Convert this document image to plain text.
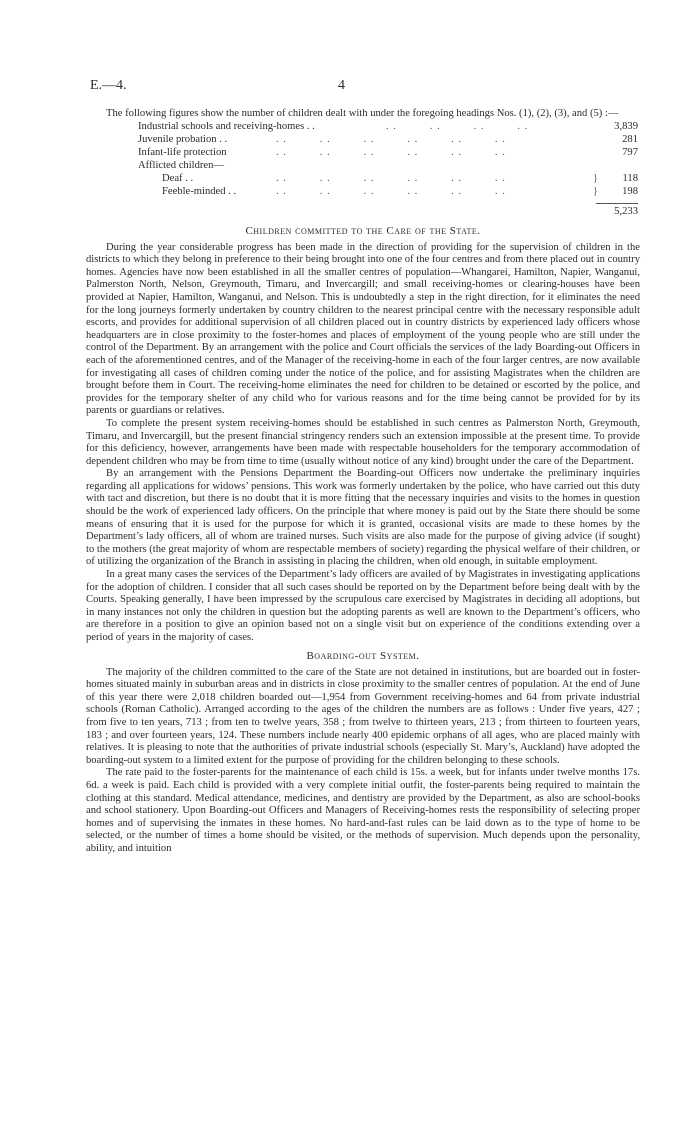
E.—4.	4

The following figures show the number of children dealt with under the foregoing headings Nos. (1), (2), (3), and (5) :—

Industrial schools and receiving-homes . .	. .         . .         . .         . .	3,839
Juvenile probation . .	. .         . .         . .         . .         . .         . .	281
Infant-life protection	. .         . .         . .         . .         . .         . .	797
Afflicted children—
Deaf . .	. .         . .         . .         . .         . .         . .	}	118
Feeble-minded . .	. .         . .         . .         . .         . .         . .	}	198
5,233
Children committed to the Care of the State.

During the year considerable progress has been made in the direction of providing for the supervision of children in the districts to which they belong in preference to their being brought into one of the four centres and from there placed out in country homes. Agencies have now been established in all the smaller centres of population—Whangarei, Hamilton, Napier, Wanganui, Palmerston North, Nelson, Greymouth, Timaru, and Invercargill; and small receiving-homes or clearing-houses have been provided at Napier, Hamilton, Wanganui, and Nelson. This is undoubtedly a step in the right direction, for it eliminates the need for the long journeys formerly undertaken by country children to the nearest principal centre with the necessary responsible adult escorts, and provides for additional supervision of all children placed out in country districts by experienced lady officers whose headquarters are in close proximity to the foster-homes and places of employment of the young people who are still under the control of the Department. By an arrangement with the police and Court officials the services of the lady Boarding-out Officers in each of the aforementioned centres, and of the Manager of the receiving-home in each of the four larger centres, are now available for investigating all cases of children coming under the notice of the police, and for assisting Magistrates when the children are brought before them in Court. The receiving-home eliminates the need for children to be detained or escorted by the police, and provides for the temporary shelter of any child who for various reasons and for the time being cannot be provided for by its parents or guardians or relatives.

To complete the present system receiving-homes should be established in such centres as Palmerston North, Greymouth, Timaru, and Invercargill, but the present financial stringency renders such an extension impossible at the present time. To provide for this deficiency, however, arrangements have been made with respectable householders for the temporary accommodation of dependent children who may be from time to time (usually without notice of any kind) brought under the care of the Department.

By an arrangement with the Pensions Department the Boarding-out Officers now undertake the preliminary inquiries regarding all applications for widows’ pensions. This work was formerly undertaken by the police, who have carried out this duty with tact and discretion, but there is no doubt that it is more fitting that the necessary inquiries and visits to the homes in question should be the work of experienced lady officers. On the principle that where money is paid out by the State there should be some means of ensuring that it is used for the purpose for which it is granted, occasional visits are made to these homes by the Department’s lady officers, all of whom are trained nurses. Such visits are also made for the purpose of giving advice (if sought) to the mothers (the great majority of whom are respectable members of society) regarding the physical welfare of their children, or of utilizing the organization of the Branch in assisting in placing the children, when old enough, in suitable employment.

In a great many cases the services of the Department’s lady officers are availed of by Magistrates in investigating applications for the adoption of children. I consider that all such cases should be reported on by the Department before being dealt with by the Courts. Speaking generally, I have been impressed by the scrupulous care exercised by Magistrates in deciding all adoptions, but in many instances not only the children in question but the adopting parents as well are known to the Department’s officers, who are therefore in a position to give an opinion based not on a single visit but on experience of the conditions extending over a period of years in the majority of cases.

Boarding-out System.

The majority of the children committed to the care of the State are not detained in institutions, but are boarded out in foster-homes situated mainly in suburban areas and in districts in close proximity to the smaller centres of population. At the end of June of this year there were 2,018 children boarded out—1,954 from Government receiving-homes and 64 from private industrial schools (Roman Catholic). Arranged according to the ages of the children the numbers are as follows : Under five years, 427 ; from five to ten years, 713 ; from ten to twelve years, 358 ; from twelve to thirteen years, 213 ; from thirteen to fourteen years, 183 ; and over fourteen years, 124. These numbers include nearly 400 epidemic orphans of all ages, who are placed mainly with relatives. It is pleasing to note that the authorities of private industrial schools (especially St. Mary’s, Auckland) have adopted the boarding-out system to a limited extent for the purpose of providing for the children belonging to these schools.

The rate paid to the foster-parents for the maintenance of each child is 15s. a week, but for infants under twelve months 17s. 6d. a week is paid. Each child is provided with a very complete initial outfit, the foster-parents being required to maintain the clothing at this standard. Medical attendance, medicines, and dentistry are provided by the Department, as also are school-books and school stationery. Upon Boarding-out Officers and Managers of Receiving-homes rests the responsibility of selecting proper homes and of supervising the inmates in these homes. No hard-and-fast rules can be laid down as to the type of home to be selected, or the number of times a home should be visited, or the methods of supervision. Much depends upon the personality, ability, and intuition
